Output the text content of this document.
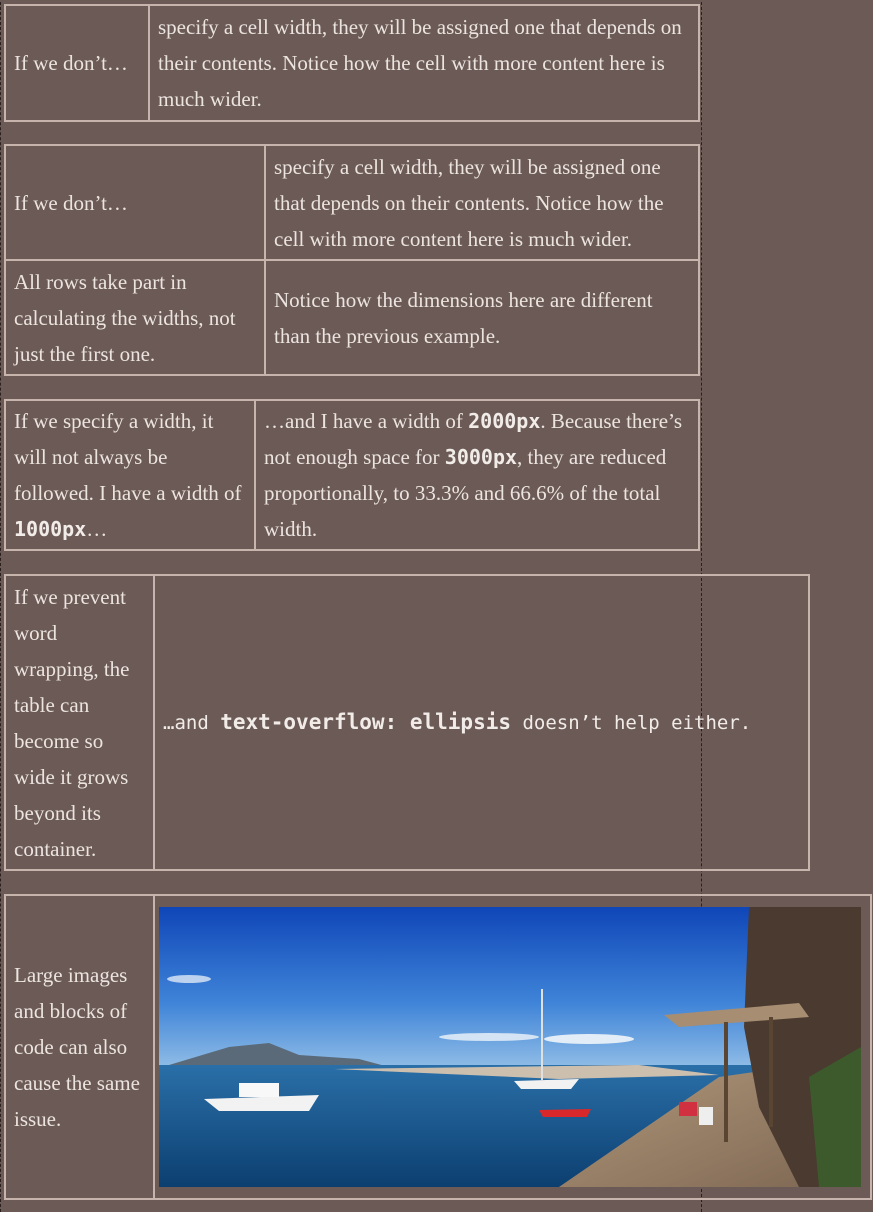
If we don’t…	specify a cell width, they will be assigned one that depends on their contents. Notice how the cell with more content here is much wider.
If we don’t…	specify a cell width, they will be assigned one that depends on their contents. Notice how the cell with more content here is much wider.
All rows take part in calculating the widths, not just the first one.	Notice how the dimensions here are different than the previous example.
If we specify a width, it will not always be followed. I have a width of 1000px…	…and I have a width of 2000px. Because there’s not enough space for 3000px, they are reduced proportionally, to 33.3% and 66.6% of the total width.
If we prevent word wrapping, the table can become so wide it grows beyond its container.	…and text-overflow: ellipsis doesn’t help either.
Large images and blocks of code can also cause the same issue.	
